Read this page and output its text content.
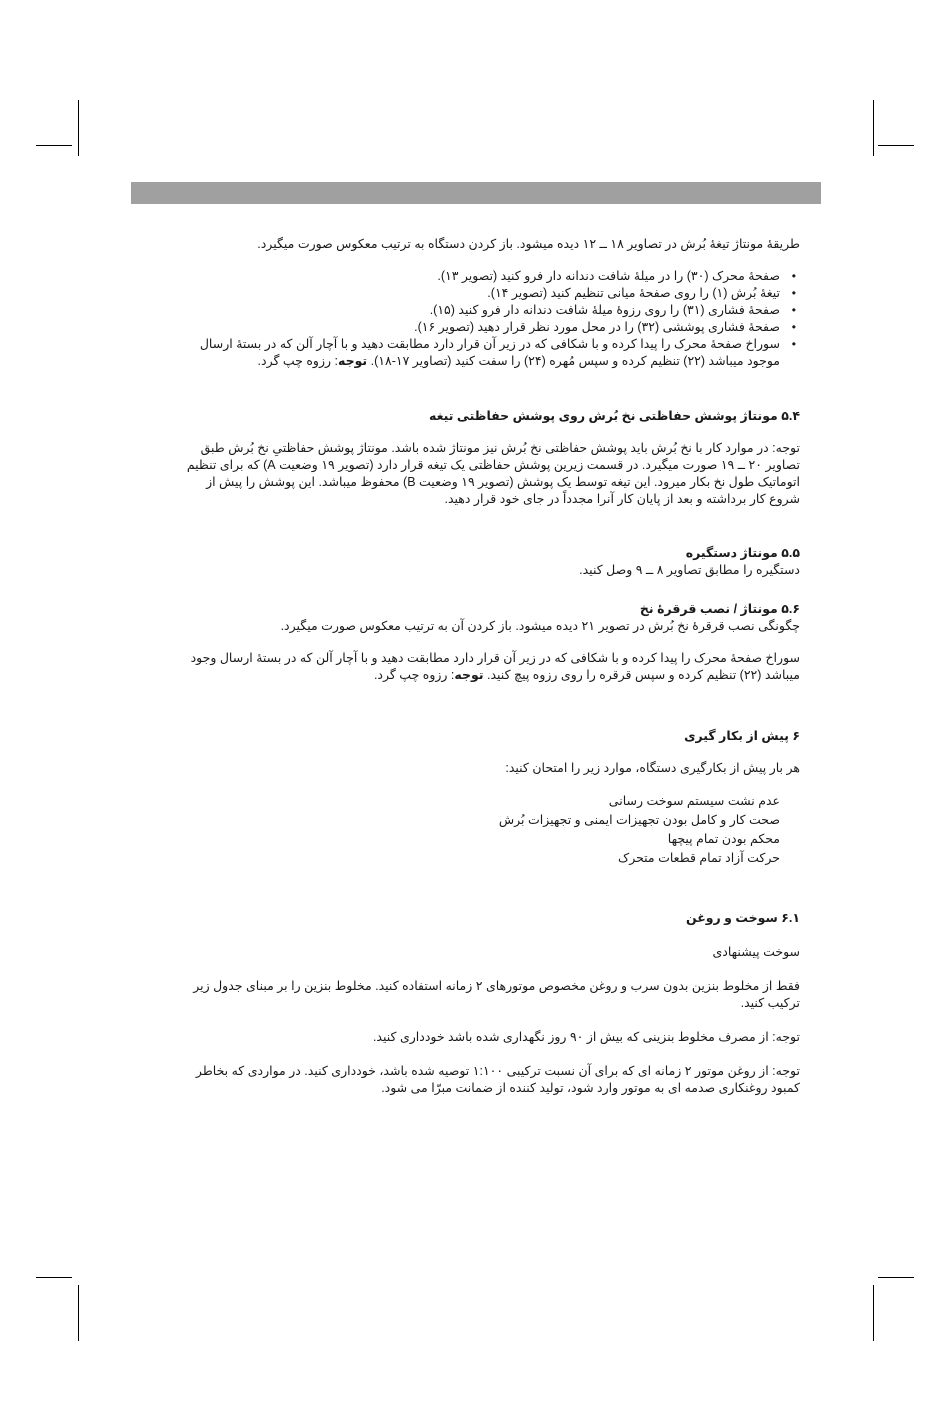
طریقهٔ مونتاژ تیغهٔ بُرش در تصاویر ۱۸ ــ ۱۲ دیده میشود. باز کردن دستگاه به ترتیب معکوس صورت میگیرد.

• صفحهٔ محرک (۳۰) را در میلهٔ شافت دندانه دار فرو کنید (تصویر ۱۳).
• تیغهٔ بُرش (۱) را روی صفحهٔ میانی تنظیم کنید (تصویر ۱۴).
• صفحهٔ فشاری (۳۱) را روی رزوهٔ میلهٔ شافت دندانه دار فرو کنید (۱۵).
• صفحهٔ فشاری پوششی (۳۲) را در محل مورد نظر قرار دهید (تصویر ۱۶).
• سوراخ صفحهٔ محرک را پیدا کرده و با شکافی که در زیر آن قرار دارد مطابقت دهید و با آچار آلن که در بستهٔ ارسال موجود میباشد (۲۲) تنظیم کرده و سپس مُهره (۲۴) را سفت کنید (تصاویر ۱۷-۱۸). توجه: رزوه چپ گرد.
۵.۴ مونتاژ پوشش حفاظتی نخ بُرش روی پوشش حفاظتی تیغه

توجه: در موارد کار با نخ بُرش باید پوشش حفاظتی نخ بُرش نیز مونتاژ شده باشد. مونتاژ پوشش حفاظتیِ نخ بُرش طبق تصاویر ۲۰ ــ ۱۹ صورت میگیرد. در قسمت زیرین پوشش حفاظتی یک تیغه قرار دارد (تصویر ۱۹ وضعیت A) که برای تنظیم اتوماتیک طول نخ بکار میرود. این تیغه توسط یک پوشش (تصویر ۱۹ وضعیت B) محفوظ میباشد. این پوشش را پیش از شروع کار برداشته و بعد از پایان کار آنرا مجدداً در جای خود قرار دهید.

۵.۵ مونتاژ دستگیره

دستگیره را مطابق تصاویر ۸ ــ ۹ وصل کنید.

۵.۶ مونتاژ / نصب قرقرهٔ نخ

چگونگی نصب قرقرهٔ نخ بُرش در تصویر ۲۱ دیده میشود. باز کردن آن به ترتیب معکوس صورت میگیرد.

سوراخ صفحهٔ محرک را پیدا کرده و با شکافی که در زیر آن قرار دارد مطابقت دهید و با آچار آلن که در بستهٔ ارسال وجود میباشد (۲۲) تنظیم کرده و سپس قرقره را روی رزوه پیچ کنید. توجه: رزوه چپ گرد.

۶ پیش از بکار گیری

هر بار پیش از بکارگیری دستگاه، موارد زیر را امتحان کنید:

عدم نشت سیستم سوخت رسانی
صحت کار و کامل بودن تجهیزات ایمنی و تجهیزات بُرش
محکم بودن تمام پیچها
حرکت آزاد تمام قطعات متحرک
۶.۱ سوخت و روغن

سوخت پیشنهادی

فقط از مخلوط بنزین بدون سرب و روغن مخصوص موتورهای ۲ زمانه استفاده کنید. مخلوط بنزین را بر مبنای جدول زیر ترکیب کنید.

توجه: از مصرف مخلوط بنزینی که بیش از ۹۰ روز نگهداری شده باشد خودداری کنید.

توجه: از روغن موتور ۲ زمانه ای که برای آن نسبت ترکیبی ۱:۱۰۰ توصیه شده باشد، خودداری کنید. در مواردی که بخاطر کمبود روغنکاری صدمه ای به موتور وارد شود، تولید کننده از ضمانت مبرّا می شود.
